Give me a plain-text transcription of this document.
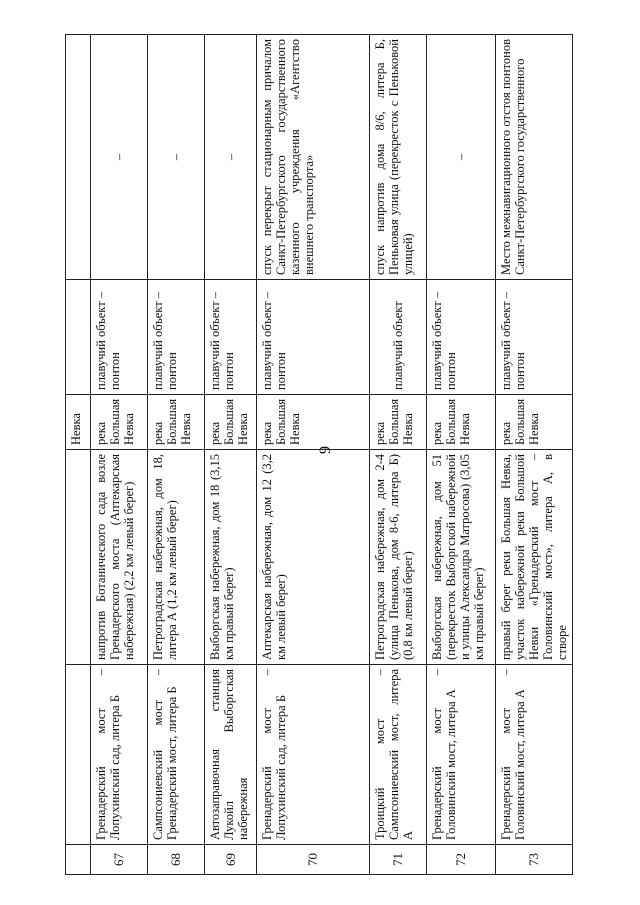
9
			Невка		
67	Гренадерский мост – Лопухинский сад, литера Б	напротив Ботанического сада возле Гренадерского моста (Аптекарская набережная) (2,2 км левый берег)	река Большая Невка	плавучий объект – понтон	–
68	Сампсониевский мост – Гренадерский мост, литера Б	Петроградская набережная, дом 18, литера А (1,2 км левый берег)	река Большая Невка	плавучий объект – понтон	–
69	Автозаправочная станция Лукойл Выборгская набережная	Выборгская набережная, дом 18 (3,15 км правый берег)	река Большая Невка	плавучий объект – понтон	–
70	Гренадерский мост – Лопухинский сад, литера Б	Аптекарская набережная, дом 12 (3,2 км левый берег)	река Большая Невка	плавучий объект – понтон	спуск перекрыт стационарным причалом Санкт-Петербургского государственного казенного учреждения «Агентство внешнего транспорта»
71	Троицкий мост – Сампсониевский мост, литера А	Петроградская набережная, дом 2-4 (улица Пенькова, дом 8-6, литера Б) (0,8 км левый берег)	река Большая Невка	плавучий объект	спуск напротив дома 8/6, литера Б, Пеньковая улица (перекресток с Пеньковой улицей)
72	Гренадерский мост – Головинский мост, литера А	Выборгская набережная, дом 51 (перекресток Выборгской набережной и улицы Александра Матросова) (3,05 км правый берег)	река Большая Невка	плавучий объект – понтон	–
73	Гренадерский мост – Головинский мост, литера А	правый берег реки Большая Невка, участок набережной реки Большой Невки «Гренадерский мост – Головинский мост», литера А, в створе	река Большая Невка	плавучий объект – понтон	Место межнавигационного отстоя понтонов Санкт-Петербургского государственного
